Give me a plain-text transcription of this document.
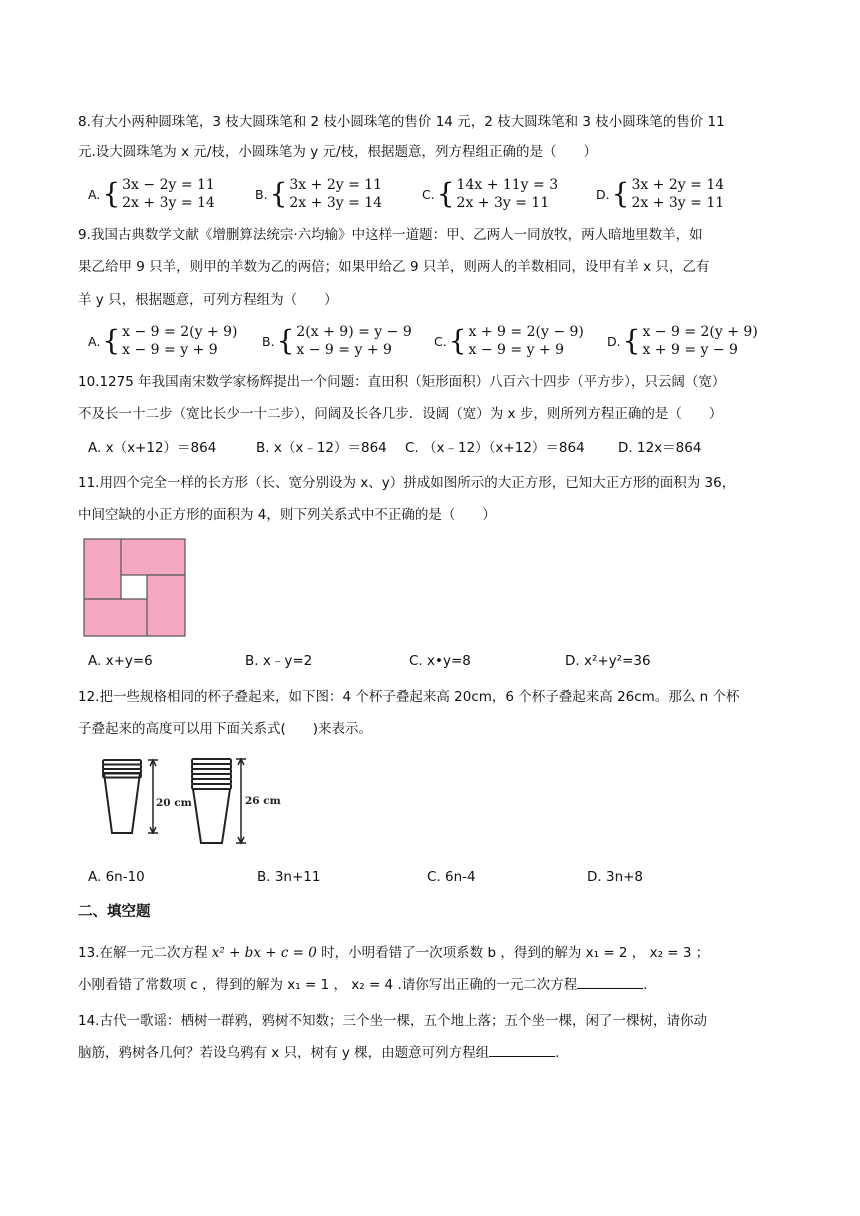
8.有大小两种圆珠笔，3 枝大圆珠笔和 2 枝小圆珠笔的售价 14 元，2 枝大圆珠笔和 3 枝小圆珠笔的售价 11
元.设大圆珠笔为 x 元/枝，小圆珠笔为 y 元/枝，根据题意，列方程组正确的是（　　）
A. { 3x − 2y = 11
2x + 3y = 14
B. { 3x + 2y = 11
2x + 3y = 14
C. { 14x + 11y = 3
2x + 3y = 11
D. { 3x + 2y = 14
2x + 3y = 11
9.我国古典数学文献《增删算法统宗·六均输》中这样一道题：甲、乙两人一同放牧，两人暗地里数羊，如
果乙给甲 9 只羊，则甲的羊数为乙的两倍；如果甲给乙 9 只羊，则两人的羊数相同，设甲有羊 x 只，乙有
羊 y 只，根据题意，可列方程组为（　　）
A. { x − 9 = 2(y + 9)
x − 9 = y + 9
B. { 2(x + 9) = y − 9
x − 9 = y + 9
C. { x + 9 = 2(y − 9)
x − 9 = y + 9
D. { x − 9 = 2(y + 9)
x + 9 = y − 9
10.1275 年我国南宋数学家杨辉提出一个问题：直田积（矩形面积）八百六十四步（平方步），只云阔（宽）
不及长一十二步（宽比长少一十二步），问阔及长各几步．设阔（宽）为 x 步，则所列方程正确的是（　　）
A. x（x+12）＝864	B. x（x﹣12）＝864 C. （x﹣12）（x+12）＝864 D. 12x＝864
11.用四个完全一样的长方形（长、宽分别设为 x、y）拼成如图所示的大正方形，已知大正方形的面积为 36，
中间空缺的小正方形的面积为 4，则下列关系式中不正确的是（　　）
A. x+y=6	B. x﹣y=2	C. x•y=8	D. x²+y²=36
12.把一些规格相同的杯子叠起来，如下图：4 个杯子叠起来高 20cm，6 个杯子叠起来高 26cm。那么 n 个杯
子叠起来的高度可以用下面关系式(　　)来表示。
20 cm	26 cm
A. 6n-10	B. 3n+11	C. 6n-4	D. 3n+8
二、填空题
13.在解一元二次方程 x² + bx + c = 0 时，小明看错了一次项系数 b ，得到的解为 x₁ = 2 ， x₂ = 3 ；
小刚看错了常数项 c ，得到的解为 x₁ = 1 ， x₂ = 4 .请你写出正确的一元二次方程	.
14.古代一歌谣：栖树一群鸦，鸦树不知数；三个坐一棵，五个地上落；五个坐一棵，闲了一棵树，请你动
脑筋，鸦树各几何？若设乌鸦有 x 只，树有 y 棵，由题意可列方程组	.
